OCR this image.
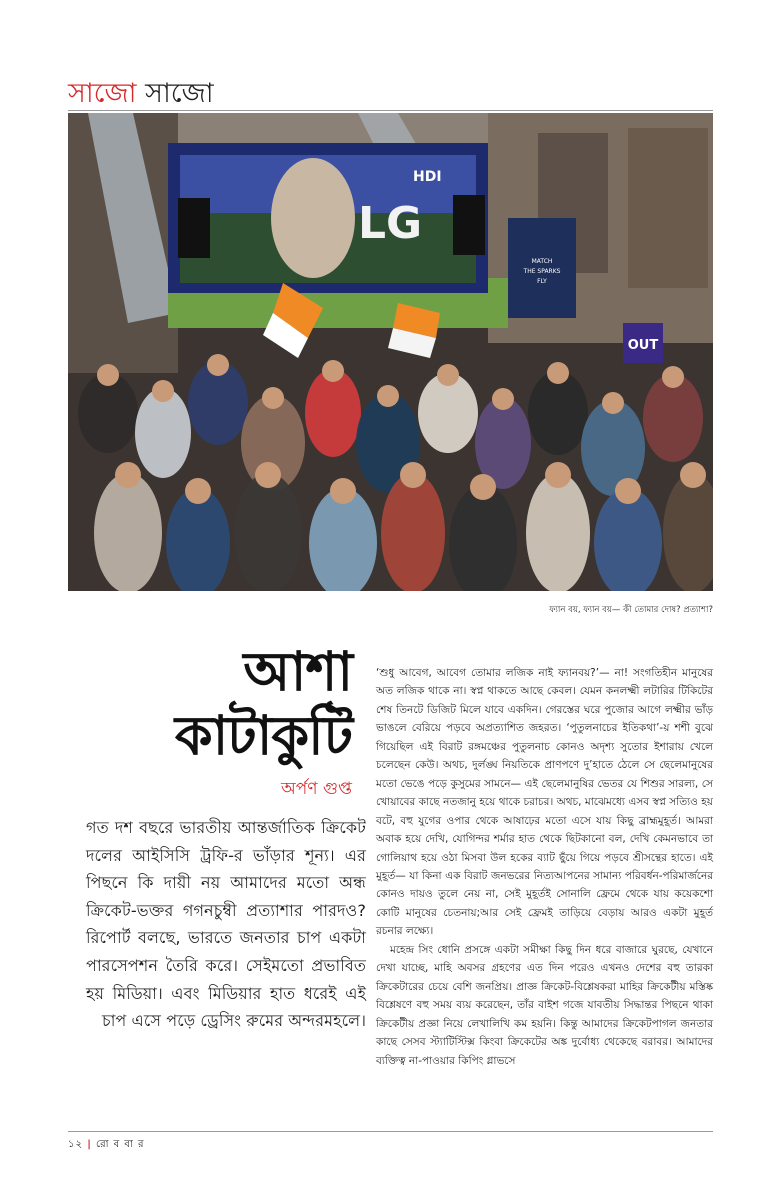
সাজো সাজো
LG
HDI
MATCH
THE SPARKS
FLY
OUT
ফ্যান বয়, ফ্যান বয়— কী তোমার দোষ? প্রত্যাশা?
আশা
কাটাকুটি
অর্পণ গুপ্ত
গত দশ বছরে ভারতীয় আন্তর্জাতিক ক্রিকেট দলের আইসিসি ট্রফি-র ভাঁড়ার শূন্য। এর পিছনে কি দায়ী নয় আমাদের মতো অন্ধ ক্রিকেট-ভক্তর গগনচুম্বী প্রত্যাশার পারদও? রিপোর্ট বলছে, ভারতে জনতার চাপ একটা পারসেপশন তৈরি করে। সেইমতো প্রভাবিত হয় মিডিয়া। এবং মিডিয়ার হাত ধরেই এই চাপ এসে পড়ে ড্রেসিং রুমের অন্দরমহলে।

‘শুধু আবেগ, আবেগ তোমার লজিক নাই ফ্যানবয়?’— না! সংগতিহীন মানুষের অত লজিক থাকে না। স্বপ্ন থাকতে আছে কেবল। যেমন কনলক্ষ্মী লটারির টিকিটের শেষ তিনটে ডিজিট মিলে যাবে একদিন। গেরস্তের ঘরে পুজোর আগে লক্ষ্মীর ভাঁড় ভাঙলে বেরিয়ে পড়বে অপ্রত্যাশিত জহরত। ‘পুতুলনাচের ইতিকথা’-য় শশী বুঝে গিয়েছিল এই বিরাট রঙ্গমঞ্চের পুতুলনাচ কোনও অদৃশ্য সুতোর ইশারায় খেলে চলেছেন কেউ। অথচ, দুর্লঙ্ঘ নিয়তিকে প্রাণপণে দু’হাতে ঠেলে সে ছেলেমানুষের মতো ভেঙে পড়ে কুসুমের সামনে— এই ছেলেমানুষির ভেতর যে শিশুর সারল্য, সে খোয়াবের কাছে নতজানু হয়ে থাকে চরাচর। অথচ, মাঝেমধ্যে এসব স্বপ্ন সত্যিও হয় বটে, বহু যুগের ওপার থেকে আষাঢ়ের মতো এসে যায় কিছু ব্রাহ্মমুহূর্ত। আমরা অবাক হয়ে দেখি, যোগিন্দর শর্মার হাত থেকে ছিটকানো বল, দেখি কেমনভাবে তা গোলিয়াথ হয়ে ওঠা মিসবা উল হকের ব্যাট ছুঁয়ে গিয়ে পড়বে শ্রীসন্থের হাতে। এই মুহূর্ত— যা কিনা এক বিরাট জনভরের নিত্যআপনের সামান্য পরিবর্ধন-পরিমার্জনের কোনও দায়ও তুলে নেয় না, সেই মুহূর্তই সোনালি ফ্রেমে থেকে যায় কয়েকশো কোটি মানুষের চেতনায়;আর সেই ফ্রেমই তাড়িয়ে বেড়ায় আরও একটা মুহূর্ত রচনার লক্ষ্যে।

মহেন্দ্র সিং ধোনি প্রসঙ্গে একটা সমীক্ষা কিছু দিন ধরে বাজারে ঘুরছে, যেখানে দেখা যাচ্ছে, মাহি অবসর গ্রহণের এত দিন পরেও এখনও দেশের বহু তারকা ক্রিকেটারের চেয়ে বেশি জনপ্রিয়। প্রাজ্ঞ ক্রিকেট-বিশ্লেষকরা মাহির ক্রিকেটীয় মস্তিষ্ক বিশ্লেষণে বহু সময় ব্যয় করেছেন, তাঁর বাইশ গজে যাবতীয় সিদ্ধান্তর পিছনে থাকা ক্রিকেটীয় প্রজ্ঞা নিয়ে লেখালিখি কম হয়নি। কিন্তু আমাদের ক্রিকেটপাগল জনতার কাছে সেসব স্ট্যাটিস্টিক্স কিংবা ক্রিকেটের অঙ্ক দুর্বোধ্য থেকেছে বরাবর। আমাদের ব্যক্তিত্ব না-পাওয়ার কিপিং গ্লাভসে

১২ | রো ব বা র
